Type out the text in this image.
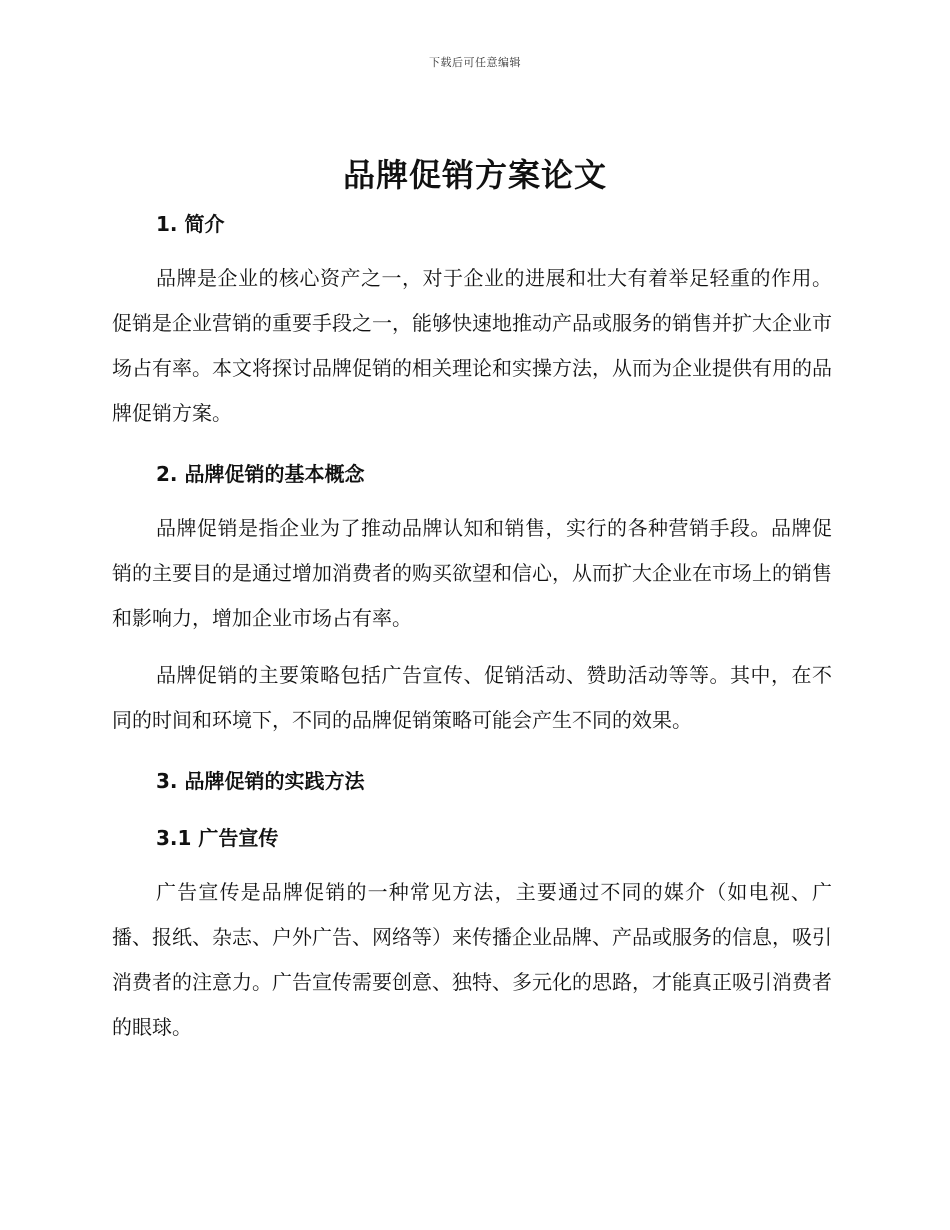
下载后可任意编辑
品牌促销方案论文
1. 简介

品牌是企业的核心资产之一，对于企业的进展和壮大有着举足轻重的作用。促销是企业营销的重要手段之一，能够快速地推动产品或服务的销售并扩大企业市场占有率。本文将探讨品牌促销的相关理论和实操方法，从而为企业提供有用的品牌促销方案。

2. 品牌促销的基本概念

品牌促销是指企业为了推动品牌认知和销售，实行的各种营销手段。品牌促销的主要目的是通过增加消费者的购买欲望和信心，从而扩大企业在市场上的销售和影响力，增加企业市场占有率。

品牌促销的主要策略包括广告宣传、促销活动、赞助活动等等。其中，在不同的时间和环境下，不同的品牌促销策略可能会产生不同的效果。

3. 品牌促销的实践方法
3.1 广告宣传

广告宣传是品牌促销的一种常见方法，主要通过不同的媒介（如电视、广播、报纸、杂志、户外广告、网络等）来传播企业品牌、产品或服务的信息，吸引消费者的注意力。广告宣传需要创意、独特、多元化的思路，才能真正吸引消费者的眼球。
